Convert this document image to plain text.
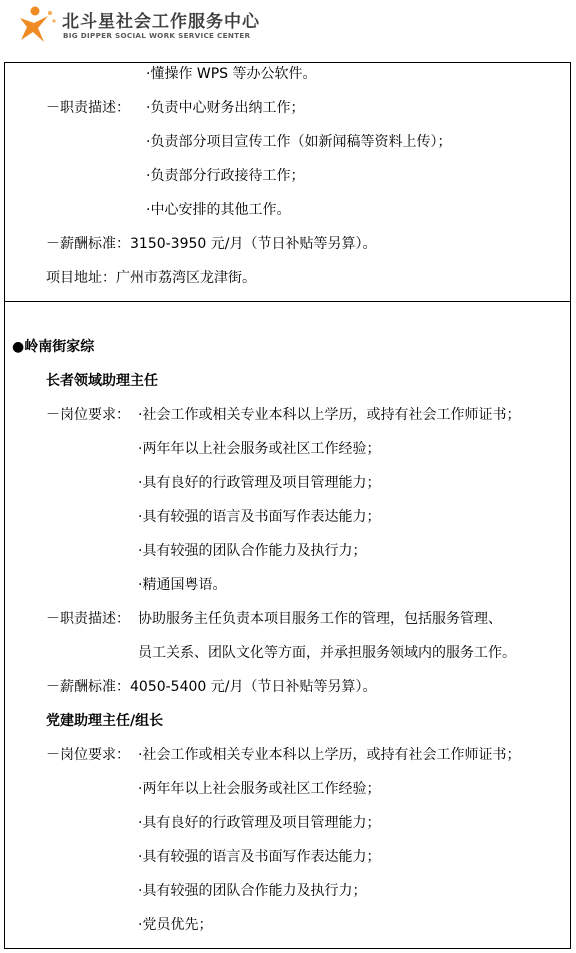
北斗星社会工作服务中心
BIG DIPPER SOCIAL WORK SERVICE CENTER
·懂操作 WPS 等办公软件。
－职责描述： ·负责中心财务出纳工作；
·负责部分项目宣传工作（如新闻稿等资料上传）；
·负责部分行政接待工作；
·中心安排的其他工作。
－薪酬标准：3150-3950 元/月（节日补贴等另算）。
项目地址：广州市荔湾区龙津街。
●岭南街家综
长者领域助理主任
－岗位要求： ·社会工作或相关专业本科以上学历，或持有社会工作师证书；
·两年年以上社会服务或社区工作经验；
·具有良好的行政管理及项目管理能力；
·具有较强的语言及书面写作表达能力；
·具有较强的团队合作能力及执行力；
·精通国粤语。
－职责描述： 协助服务主任负责本项目服务工作的管理，包括服务管理、
员工关系、团队文化等方面，并承担服务领域内的服务工作。
－薪酬标准：4050-5400 元/月（节日补贴等另算）。
党建助理主任/组长
－岗位要求： ·社会工作或相关专业本科以上学历，或持有社会工作师证书；
·两年年以上社会服务或社区工作经验；
·具有良好的行政管理及项目管理能力；
·具有较强的语言及书面写作表达能力；
·具有较强的团队合作能力及执行力；
·党员优先；
